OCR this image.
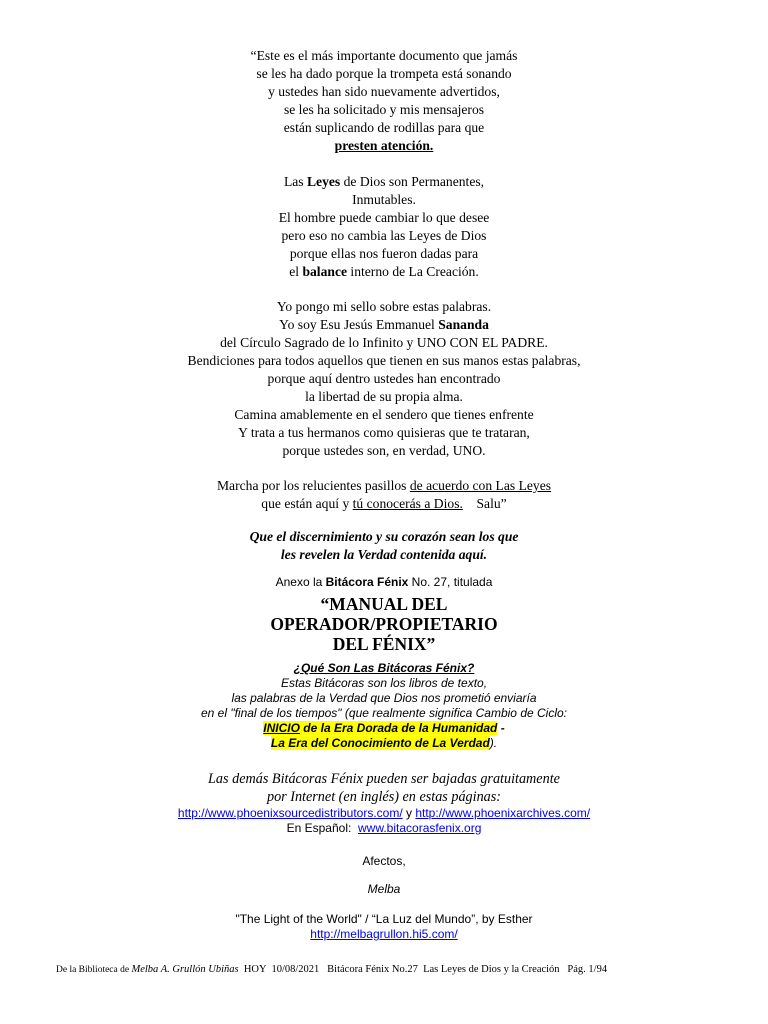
“Este es el más importante documento que jamás
se les ha dado porque la trompeta está sonando
y ustedes han sido nuevamente advertidos,
se les ha solicitado y mis mensajeros
están suplicando de rodillas para que
presten atención.
Las Leyes de Dios son Permanentes,
Inmutables.
El hombre puede cambiar lo que desee
pero eso no cambia las Leyes de Dios
porque ellas nos fueron dadas para
el balance interno de La Creación.
Yo pongo mi sello sobre estas palabras.
Yo soy Esu Jesús Emmanuel Sananda
del Círculo Sagrado de lo Infinito y UNO CON EL PADRE.
Bendiciones para todos aquellos que tienen en sus manos estas palabras,
porque aquí dentro ustedes han encontrado
la libertad de su propia alma.
Camina amablemente en el sendero que tienes enfrente
Y trata a tus hermanos como quisieras que te trataran,
porque ustedes son, en verdad, UNO.
Marcha por los relucientes pasillos de acuerdo con Las Leyes
que están aquí y tú conocerás a Dios.    Salu”
Que el discernimiento y su corazón sean los que
les revelen la Verdad contenida aquí.
Anexo la Bitácora Fénix No. 27, titulada
“MANUAL DEL
OPERADOR/PROPIETARIO
DEL FÉNIX”
¿Qué Son Las Bitácoras Fénix?
Estas Bitácoras son los libros de texto,
las palabras de la Verdad que Dios nos prometió enviaría
en el "final de los tiempos" (que realmente significa Cambio de Ciclo:
INICIO de la Era Dorada de la Humanidad -
La Era del Conocimiento de La Verdad).
Las demás Bitácoras Fénix pueden ser bajadas gratuitamente
por Internet (en inglés) en estas páginas:
http://www.phoenixsourcedistributors.com/ y http://www.phoenixarchives.com/
En Español:  www.bitacorasfenix.org
Afectos,
Melba
"The Light of the World" / “La Luz del Mundo”, by Esther
http://melbagrullon.hi5.com/
De la Biblioteca de Melba A. Grullón Ubiñas  HOY  10/08/2021   Bitácora Fénix No.27  Las Leyes de Dios y la Creación   Pág. 1/94
